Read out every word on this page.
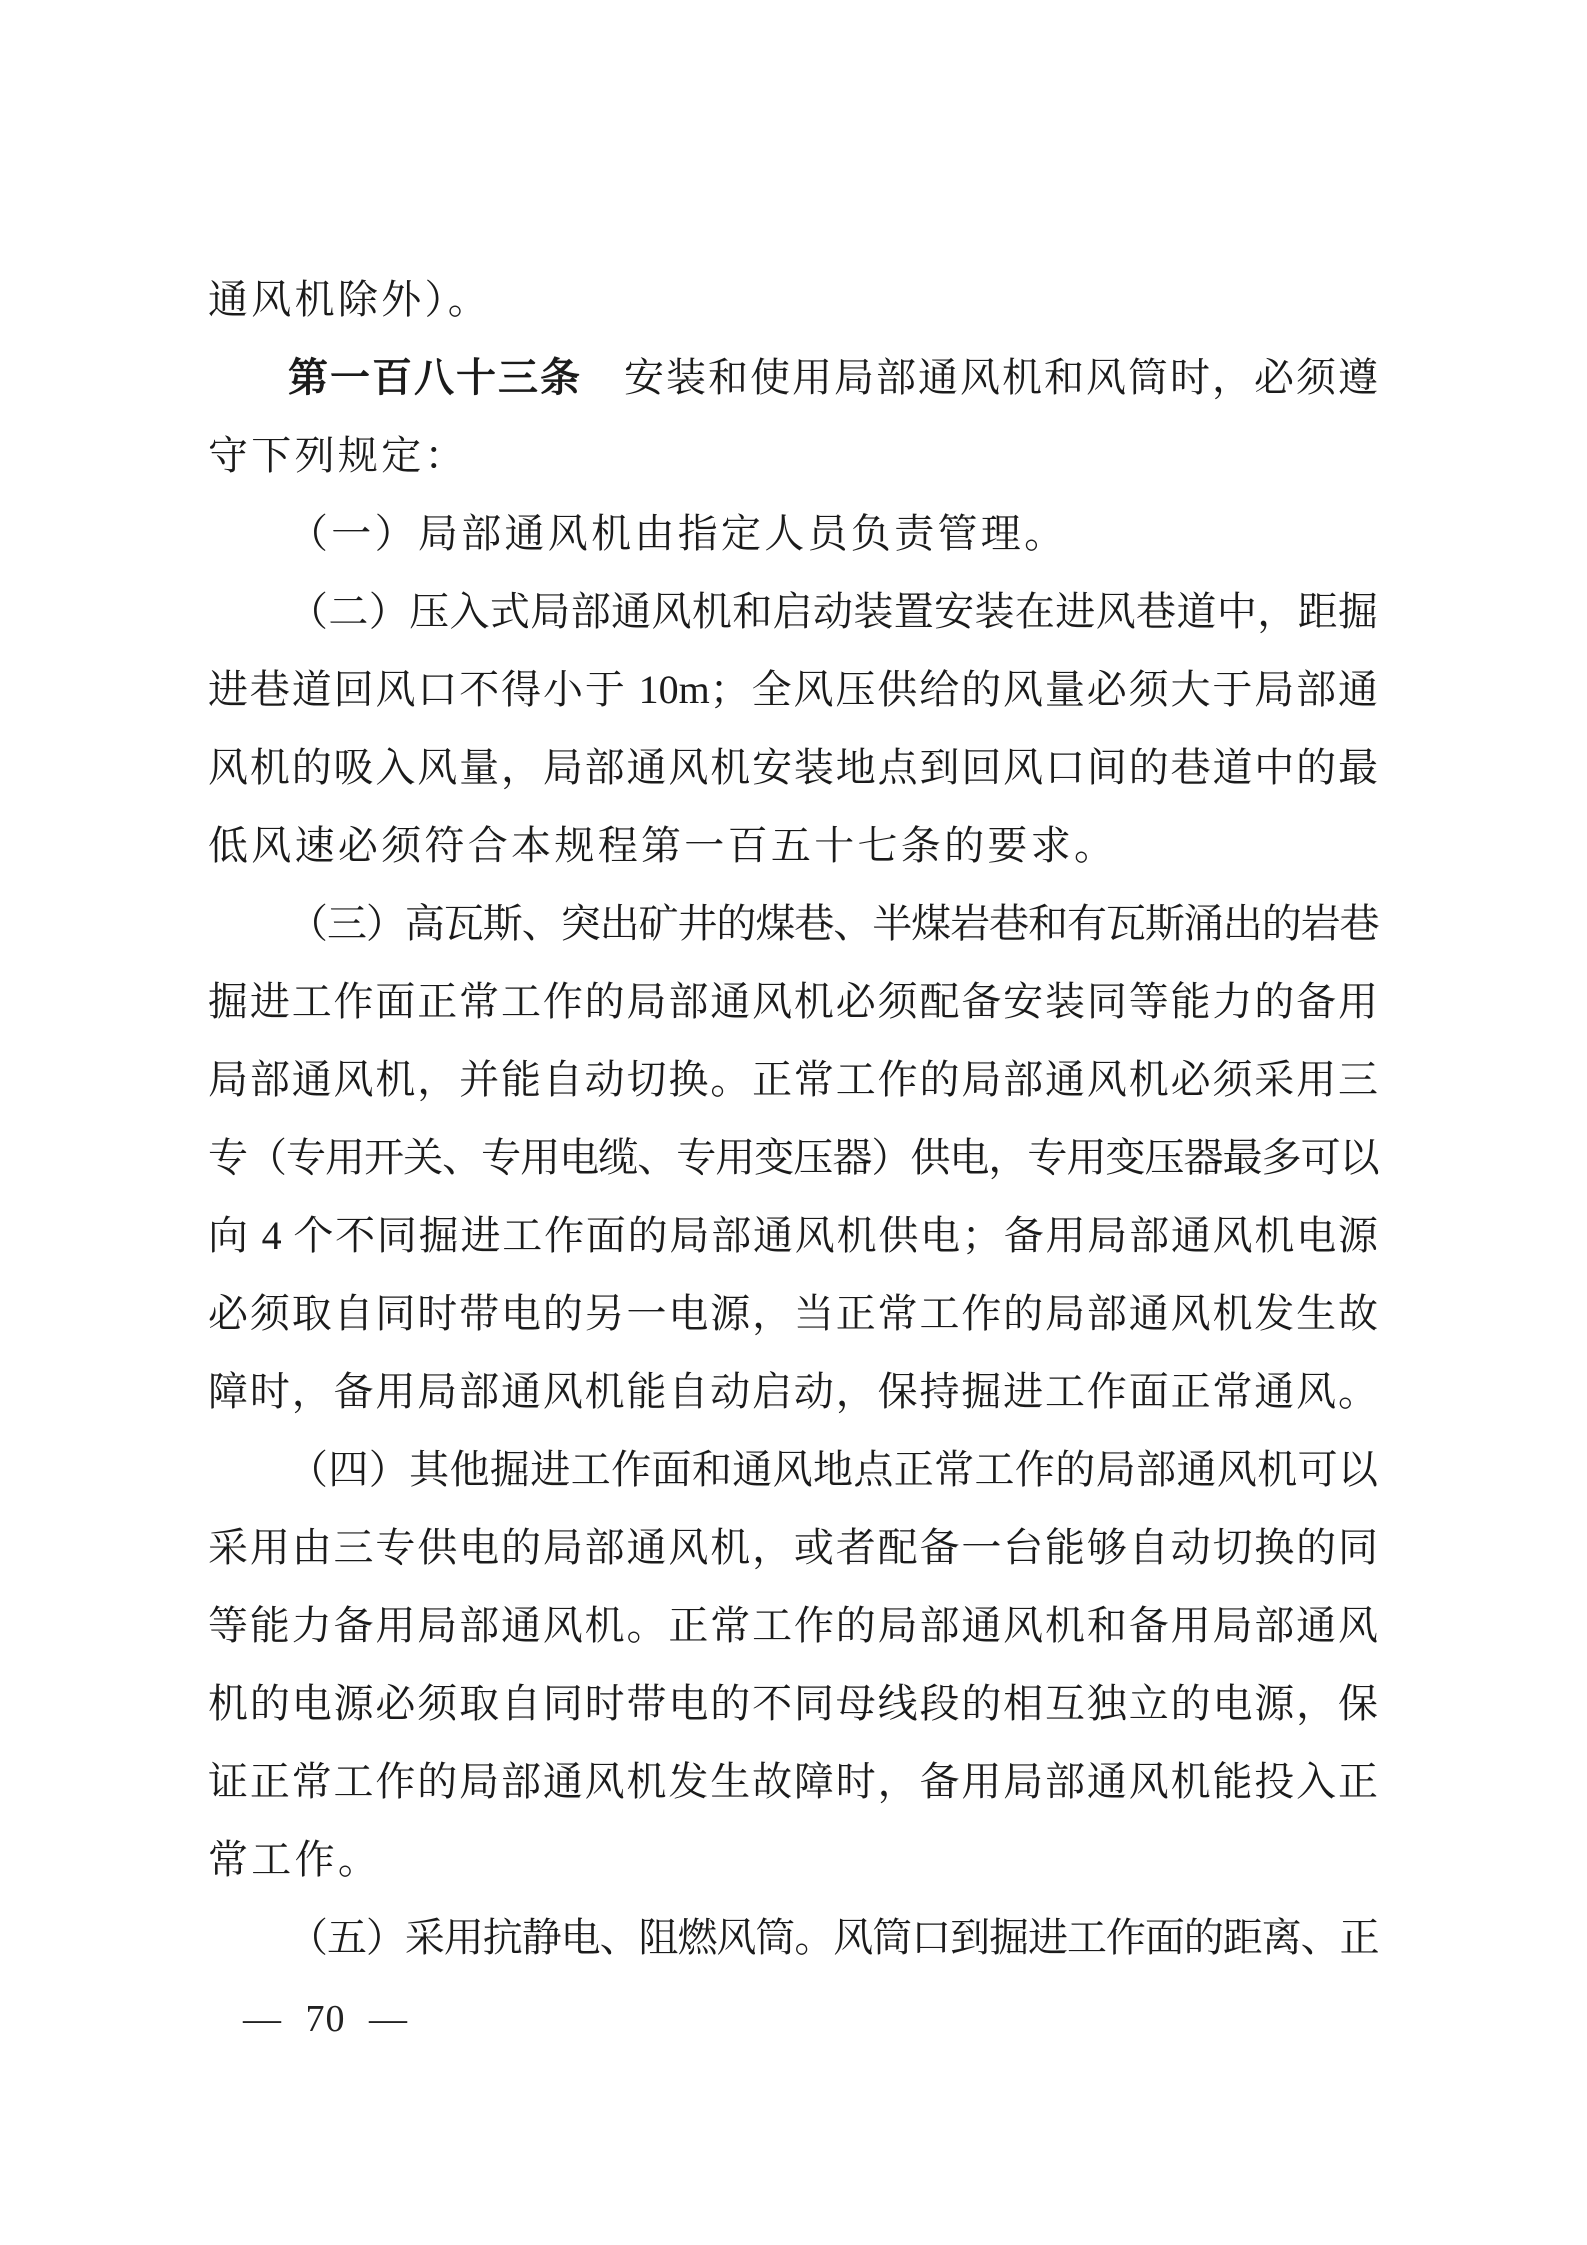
通风机除外）。
第一百八十三条　安装和使用局部通风机和风筒时，必须遵
守下列规定：
（一）局部通风机由指定人员负责管理。
（二）压入式局部通风机和启动装置安装在进风巷道中，距掘
进巷道回风口不得小于 10m；全风压供给的风量必须大于局部通
风机的吸入风量，局部通风机安装地点到回风口间的巷道中的最
低风速必须符合本规程第一百五十七条的要求。
（三）高瓦斯、突出矿井的煤巷、半煤岩巷和有瓦斯涌出的岩巷
掘进工作面正常工作的局部通风机必须配备安装同等能力的备用
局部通风机，并能自动切换。正常工作的局部通风机必须采用三
专（专用开关、专用电缆、专用变压器）供电，专用变压器最多可以
向 4 个不同掘进工作面的局部通风机供电；备用局部通风机电源
必须取自同时带电的另一电源，当正常工作的局部通风机发生故
障时，备用局部通风机能自动启动，保持掘进工作面正常通风。
（四）其他掘进工作面和通风地点正常工作的局部通风机可以
采用由三专供电的局部通风机，或者配备一台能够自动切换的同
等能力备用局部通风机。正常工作的局部通风机和备用局部通风
机的电源必须取自同时带电的不同母线段的相互独立的电源，保
证正常工作的局部通风机发生故障时，备用局部通风机能投入正
常工作。
（五）采用抗静电、阻燃风筒。风筒口到掘进工作面的距离、正
— 70 —
